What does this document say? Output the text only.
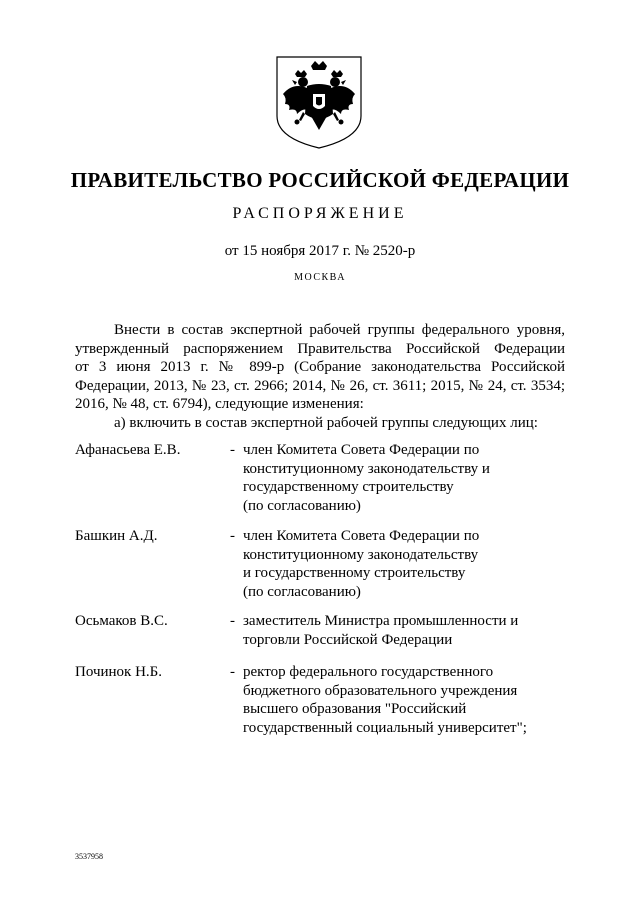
ПРАВИТЕЛЬСТВО РОССИЙСКОЙ ФЕДЕРАЦИИ
РАСПОРЯЖЕНИЕ
от 15 ноября 2017 г. № 2520-р
МОСКВА
Внести в состав экспертной рабочей группы федерального уровня,
утвержденный распоряжением Правительства Российской Федерации
от 3 июня 2013 г. № 899-р (Собрание законодательства Российской
Федерации, 2013, № 23, ст. 2966; 2014, № 26, ст. 3611; 2015, № 24, ст. 3534;
2016, № 48, ст. 6794), следующие изменения:
а) включить в состав экспертной рабочей группы следующих лиц:
Афанасьева Е.В.	- член Комитета Совета Федерации по
конституционному законодательству и
государственному строительству
(по согласованию)
Башкин А.Д.	- член Комитета Совета Федерации по
конституционному законодательству
и государственному строительству
(по согласованию)
Осьмаков В.С.	- заместитель Министра промышленности и
торговли Российской Федерации
Починок Н.Б.	- ректор федерального государственного
бюджетного образовательного учреждения
высшего образования "Российский
государственный социальный университет";
3537958
